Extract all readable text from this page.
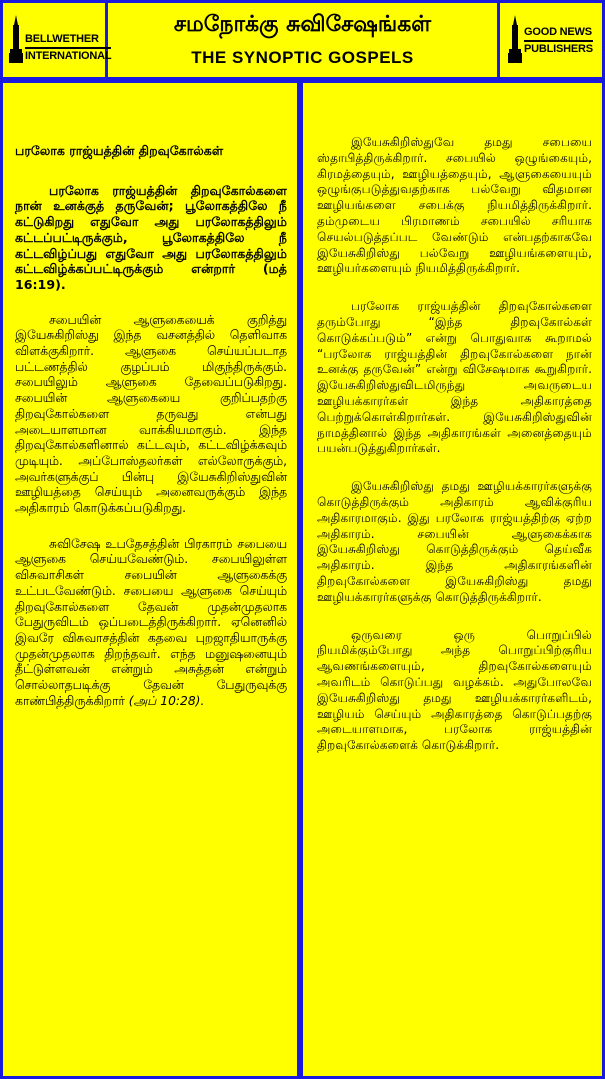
BELLWETHER
INTERNATIONAL
சமநோக்கு சுவிசேஷங்கள்
THE SYNOPTIC GOSPELS
GOOD NEWS
PUBLISHERS

பரலோக ராஜ்யத்தின் திறவுகோல்கள்

பரலோக ராஜ்யத்தின் திறவுகோல்களை நான் உனக்குத் தருவேன்; பூலோகத்திலே நீ கட்டுகிறது எதுவோ அது பரலோகத்திலும் கட்டப்பட்டிருக்கும், பூலோகத்திலே நீ கட்டவிழ்ப்பது எதுவோ அது பரலோகத்திலும் கட்டவிழ்க்கப்பட்டிருக்கும் என்றார் (மத் 16:19).

சபையின் ஆளுகையைக் குறித்து இயேசுகிறிஸ்து இந்த வசனத்தில் தெளிவாக விளக்குகிறார். ஆளுகை செய்யப்படாத பட்டணத்தில் குழப்பம் மிகுந்திருக்கும். சபையிலும் ஆளுகை தேவைப்படுகிறது. சபையின் ஆளுகையை குறிப்பதற்கு திறவுகோல்களை தருவது என்பது அடையாளமான வாக்கியமாகும். இந்த திறவுகோல்களினால் கட்டவும், கட்டவிழ்க்கவும் முடியும். அப்போஸ்தலர்கள் எல்லோருக்கும், அவர்களுக்குப் பின்பு இயேசுகிறிஸ்துவின் ஊழியத்தை செய்யும் அனைவருக்கும் இந்த அதிகாரம் கொடுக்கப்படுகிறது.

சுவிசேஷ உபதேசத்தின் பிரகாரம் சபையை ஆளுகை செய்யவேண்டும். சபையிலுள்ள விசுவாசிகள் சபையின் ஆளுகைக்கு உட்படவேண்டும். சபையை ஆளுகை செய்யும் திறவுகோல்களை தேவன் முதன்முதலாக பேதுருவிடம் ஒப்படைத்திருக்கிறார். ஏனெனில் இவரே விசுவாசத்தின் கதவை புறஜாதியாருக்கு முதன்முதலாக திறந்தவர். எந்த மனுஷனையும் தீட்டுள்ளவன் என்றும் அசுத்தன் என்றும் சொல்லாதபடிக்கு தேவன் பேதுருவுக்கு காண்பித்திருக்கிறார் (அப் 10:28).

இயேசுகிறிஸ்துவே தமது சபையை ஸ்தாபித்திருக்கிறார். சபையில் ஒழுங்கையும், கிரமத்தையும், ஊழியத்தையும், ஆளுகையையும் ஒழுங்குபடுத்துவதற்காக பல்வேறு விதமான ஊழியங்களை சபைக்கு நியமித்திருக்கிறார். தம்முடைய பிரமாணம் சபையில் சரியாக செயல்படுத்தப்பட வேண்டும் என்பதற்காகவே இயேசுகிறிஸ்து பல்வேறு ஊழியங்களையும், ஊழியர்களையும் நியமித்திருக்கிறார்.

பரலோக ராஜ்யத்தின் திறவுகோல்களை தரும்போது “இந்த திறவுகோல்கள் கொடுக்கப்படும்” என்று பொதுவாக கூறாமல் “பரலோக ராஜ்யத்தின் திறவுகோல்களை நான் உனக்கு தருவேன்” என்று விசேஷமாக கூறுகிறார். இயேசுகிறிஸ்துவிடமிருந்து அவருடைய ஊழியக்காரர்கள் இந்த அதிகாரத்தை பெற்றுக்கொள்கிறார்கள். இயேசுகிறிஸ்துவின் நாமத்தினால் இந்த அதிகாரங்கள் அனைத்தையும் பயன்படுத்துகிறார்கள்.

இயேசுகிறிஸ்து தமது ஊழியக்காரர்களுக்கு கொடுத்திருக்கும் அதிகாரம் ஆவிக்குரிய அதிகாரமாகும். இது பரலோக ராஜ்யத்திற்கு ஏற்ற அதிகாரம். சபையின் ஆளுகைக்காக இயேசுகிறிஸ்து கொடுத்திருக்கும் தெய்வீக அதிகாரம். இந்த அதிகாரங்களின் திறவுகோல்களை இயேசுகிறிஸ்து தமது ஊழியக்காரர்களுக்கு கொடுத்திருக்கிறார்.

ஒருவரை ஒரு பொறுப்பில் நியமிக்கும்போது அந்த பொறுப்பிற்குரிய ஆவணங்களையும், திறவுகோல்களையும் அவரிடம் கொடுப்பது வழக்கம். அதுபோலவே இயேசுகிறிஸ்து தமது ஊழியக்காரர்களிடம், ஊழியம் செய்யும் அதிகாரத்தை கொடுப்பதற்கு அடையாளமாக, பரலோக ராஜ்யத்தின் திறவுகோல்களைக் கொடுக்கிறார்.
